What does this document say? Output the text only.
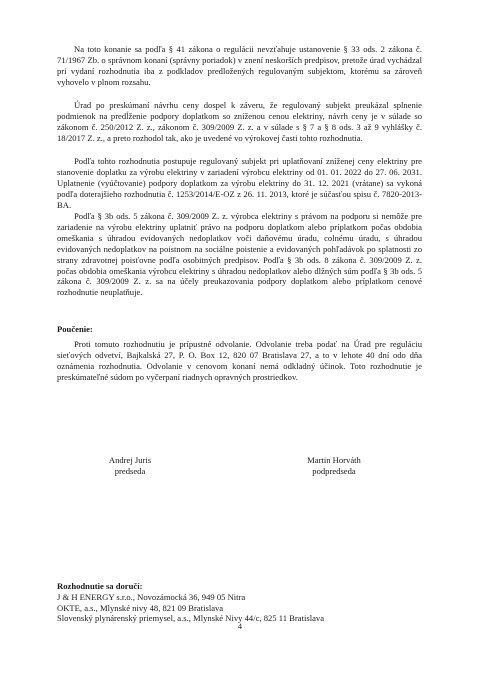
Na toto konanie sa podľa § 41 zákona o regulácii nevzťahuje ustanovenie § 33 ods. 2 zákona č. 71/1967 Zb. o správnom konaní (správny poriadok) v znení neskorších predpisov, pretože úrad vychádzal pri vydaní rozhodnutia iba z podkladov predložených regulovaným subjektom, ktorému sa zároveň vyhovelo v plnom rozsahu.

Úrad po preskúmaní návrhu ceny dospel k záveru, že regulovaný subjekt preukázal splnenie podmienok na predĺženie podpory doplatkom so zníženou cenou elektriny, návrh ceny je v súlade so zákonom č. 250/2012 Z. z., zákonom č. 309/2009 Z. z. a v súlade s § 7 a § 8 ods. 3 až 9 vyhlášky č. 18/2017 Z. z., a preto rozhodol tak, ako je uvedené vo výrokovej časti tohto rozhodnutia.

Podľa tohto rozhodnutia postupuje regulovaný subjekt pri uplatňovaní zníženej ceny elektriny pre stanovenie doplatku za výrobu elektriny v zariadení výrobcu elektriny od 01. 01. 2022 do 27. 06. 2031. Uplatnenie (vyúčtovanie) podpory doplatkom za výrobu elektriny do 31. 12. 2021 (vrátane) sa vykoná podľa doterajšieho rozhodnutia č. 1253/2014/E-OZ z 26. 11. 2013, ktoré je súčasťou spisu č. 7820-2013-BA.

Podľa § 3b ods. 5 zákona č. 309/2009 Z. z. výrobca elektriny s právom na podporu si nemôže pre zariadenie na výrobu elektriny uplatniť právo na podporu doplatkom alebo príplatkom počas obdobia omeškania s úhradou evidovaných nedoplatkov voči daňovému úradu, colnému úradu, s úhradou evidovaných nedoplatkov na poistnom na sociálne poistenie a evidovaných pohľadávok po splatnosti zo strany zdravotnej poisťovne podľa osobitných predpisov. Podľa § 3b ods. 8 zákona č. 309/2009 Z. z. počas obdobia omeškania výrobcu elektriny s úhradou nedoplatkov alebo dlžných súm podľa § 3b ods. 5 zákona č. 309/2009 Z. z. sa na účely preukazovania podpory doplatkom alebo príplatkom cenové rozhodnutie neuplatňuje.

Poučenie:

Proti tomuto rozhodnutiu je prípustné odvolanie. Odvolanie treba podať na Úrad pre reguláciu sieťových odvetví, Bajkalská 27, P. O. Box 12, 820 07 Bratislava 27, a to v lehote 40 dní odo dňa oznámenia rozhodnutia. Odvolanie v cenovom konaní nemá odkladný účinok. Toto rozhodnutie je preskúmateľné súdom po vyčerpaní riadnych opravných prostriedkov.

Andrej Juris
predseda
Martin Horváth
podpredseda
Rozhodnutie sa doručí:
J & H ENERGY s.r.o., Novozámocká 36, 949 05 Nitra
OKTE, a.s., Mlynské nivy 48, 821 09 Bratislava
Slovenský plynárenský priemysel, a.s., Mlynské Nivy 44/c, 825 11 Bratislava
4
